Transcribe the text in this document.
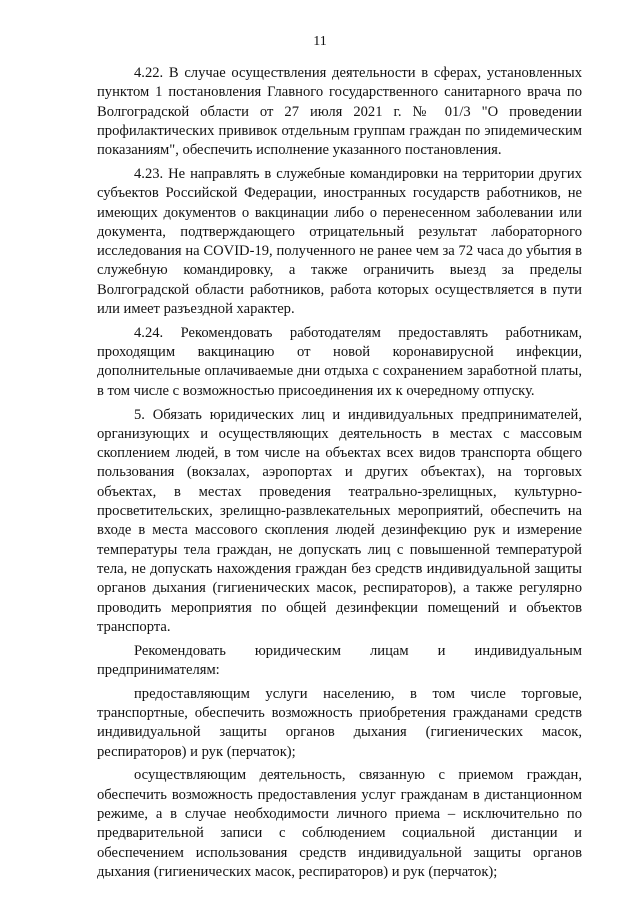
11

4.22. В случае осуществления деятельности в сферах, установленных пунктом 1 постановления Главного государственного санитарного врача по Волгоградской области от 27 июля 2021 г. № 01/3 "О проведении профилактических прививок отдельным группам граждан по эпидемическим показаниям", обеспечить исполнение указанного постановления.

4.23. Не направлять в служебные командировки на территории других субъектов Российской Федерации, иностранных государств работников, не имеющих документов о вакцинации либо о перенесенном заболевании или документа, подтверждающего отрицательный результат лабораторного исследования на COVID-19, полученного не ранее чем за 72 часа до убытия в служебную командировку, а также ограничить выезд за пределы Волгоградской области работников, работа которых осуществляется в пути или имеет разъездной характер.

4.24. Рекомендовать работодателям предоставлять работникам, проходящим вакцинацию от новой коронавирусной инфекции, дополнительные оплачиваемые дни отдыха с сохранением заработной платы, в том числе с возможностью присоединения их к очередному отпуску.

5. Обязать юридических лиц и индивидуальных предпринимателей, организующих и осуществляющих деятельность в местах с массовым скоплением людей, в том числе на объектах всех видов транспорта общего пользования (вокзалах, аэропортах и других объектах), на торговых объектах, в местах проведения театрально-зрелищных, культурно-просветительских, зрелищно-развлекательных мероприятий, обеспечить на входе в места массового скопления людей дезинфекцию рук и измерение температуры тела граждан, не допускать лиц с повышенной температурой тела, не допускать нахождения граждан без средств индивидуальной защиты органов дыхания (гигиенических масок, респираторов), а также регулярно проводить мероприятия по общей дезинфекции помещений и объектов транспорта.

Рекомендовать юридическим лицам и индивидуальным предпринимателям:

предоставляющим услуги населению, в том числе торговые, транспортные, обеспечить возможность приобретения гражданами средств индивидуальной защиты органов дыхания (гигиенических масок, респираторов) и рук (перчаток);

осуществляющим деятельность, связанную с приемом граждан, обеспечить возможность предоставления услуг гражданам в дистанционном режиме, а в случае необходимости личного приема – исключительно по предварительной записи с соблюдением социальной дистанции и обеспечением использования средств индивидуальной защиты органов дыхания (гигиенических масок, респираторов) и рук (перчаток);
